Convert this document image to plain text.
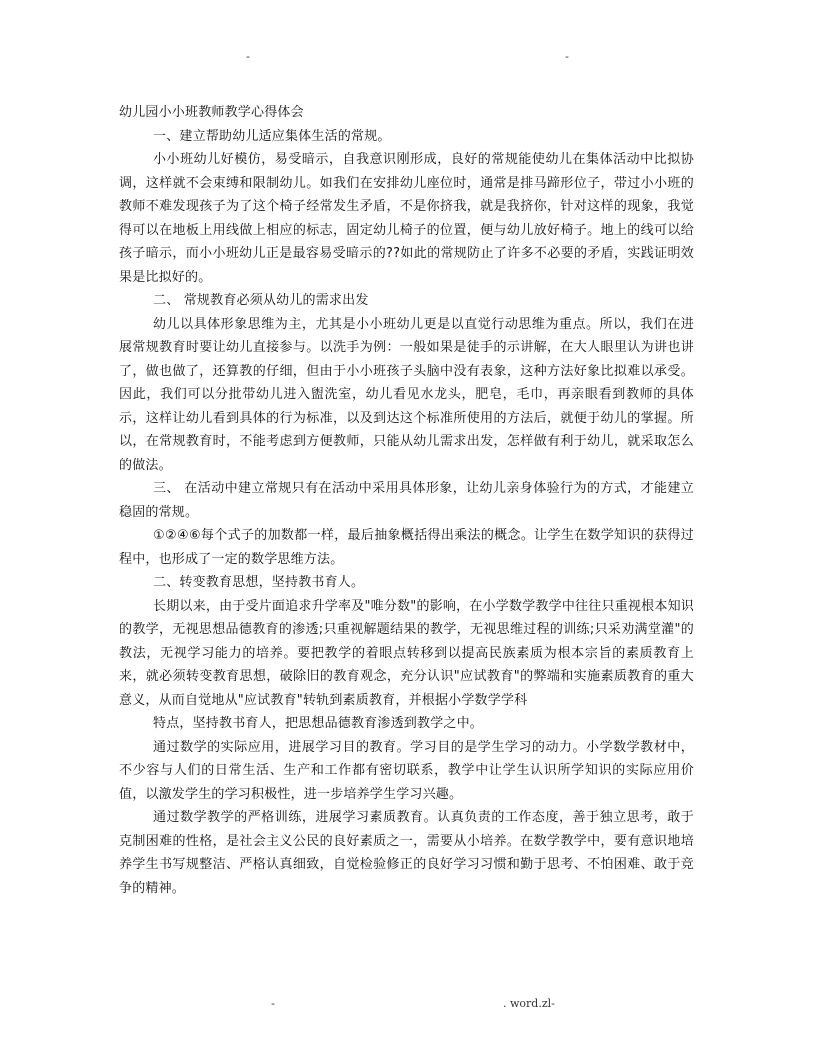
-	-

幼儿园小小班教师教学心得体会

一、建立帮助幼儿适应集体生活的常规。

小小班幼儿好模仿，易受暗示，自我意识刚形成，良好的常规能使幼儿在集体活动中比拟协调，这样就不会束缚和限制幼儿。如我们在安排幼儿座位时，通常是排马蹄形位子，带过小小班的教师不难发现孩子为了这个椅子经常发生矛盾，不是你挤我，就是我挤你，针对这样的现象，我觉得可以在地板上用线做上相应的标志，固定幼儿椅子的位置，便与幼儿放好椅子。地上的线可以给孩子暗示，而小小班幼儿正是最容易受暗示的??如此的常规防止了许多不必要的矛盾，实践证明效果是比拟好的。

二、 常规教育必须从幼儿的需求出发

幼儿以具体形象思维为主，尤其是小小班幼儿更是以直觉行动思维为重点。所以，我们在进展常规教育时要让幼儿直接参与。以洗手为例：一般如果是徒手的示讲解，在大人眼里认为讲也讲了，做也做了，还算教的仔细，但由于小小班孩子头脑中没有表象，这种方法好象比拟难以承受。因此，我们可以分批带幼儿进入盥洗室，幼儿看见水龙头，肥皂，毛巾，再亲眼看到教师的具体示，这样让幼儿看到具体的行为标准，以及到达这个标准所使用的方法后，就便于幼儿的掌握。所以，在常规教育时，不能考虑到方便教师，只能从幼儿需求出发，怎样做有利于幼儿，就采取怎么的做法。

三、 在活动中建立常规只有在活动中采用具体形象，让幼儿亲身体验行为的方式，才能建立稳固的常规。

①②④⑥每个式子的加数都一样，最后抽象概括得出乘法的概念。让学生在数学知识的获得过程中，也形成了一定的数学思维方法。

二、转变教育思想，坚持教书育人。

长期以来，由于受片面追求升学率及"唯分数"的影响，在小学数学教学中往往只重视根本知识的教学，无视思想品德教育的渗透;只重视解题结果的教学，无视思维过程的训练;只采劝满堂灌"的教法，无视学习能力的培养。要把教学的着眼点转移到以提高民族素质为根本宗旨的素质教育上来，就必须转变教育思想，破除旧的教育观念，充分认识"应试教育"的弊端和实施素质教育的重大意义，从而自觉地从"应试教育"转轨到素质教育，并根据小学数学学科

特点，坚持教书育人，把思想品德教育渗透到教学之中。

通过数学的实际应用，进展学习目的教育。学习目的是学生学习的动力。小学数学教材中，不少容与人们的日常生活、生产和工作都有密切联系，教学中让学生认识所学知识的实际应用价值，以激发学生的学习积极性，进一步培养学生学习兴趣。

通过数学教学的严格训练，进展学习素质教育。认真负责的工作态度，善于独立思考，敢于克制困难的性格，是社会主义公民的良好素质之一，需要从小培养。在数学教学中，要有意识地培养学生书写规整洁、严格认真细致，自觉检验修正的良好学习习惯和勤于思考、不怕困难、敢于竞争的精神。

-	. word.zl-
